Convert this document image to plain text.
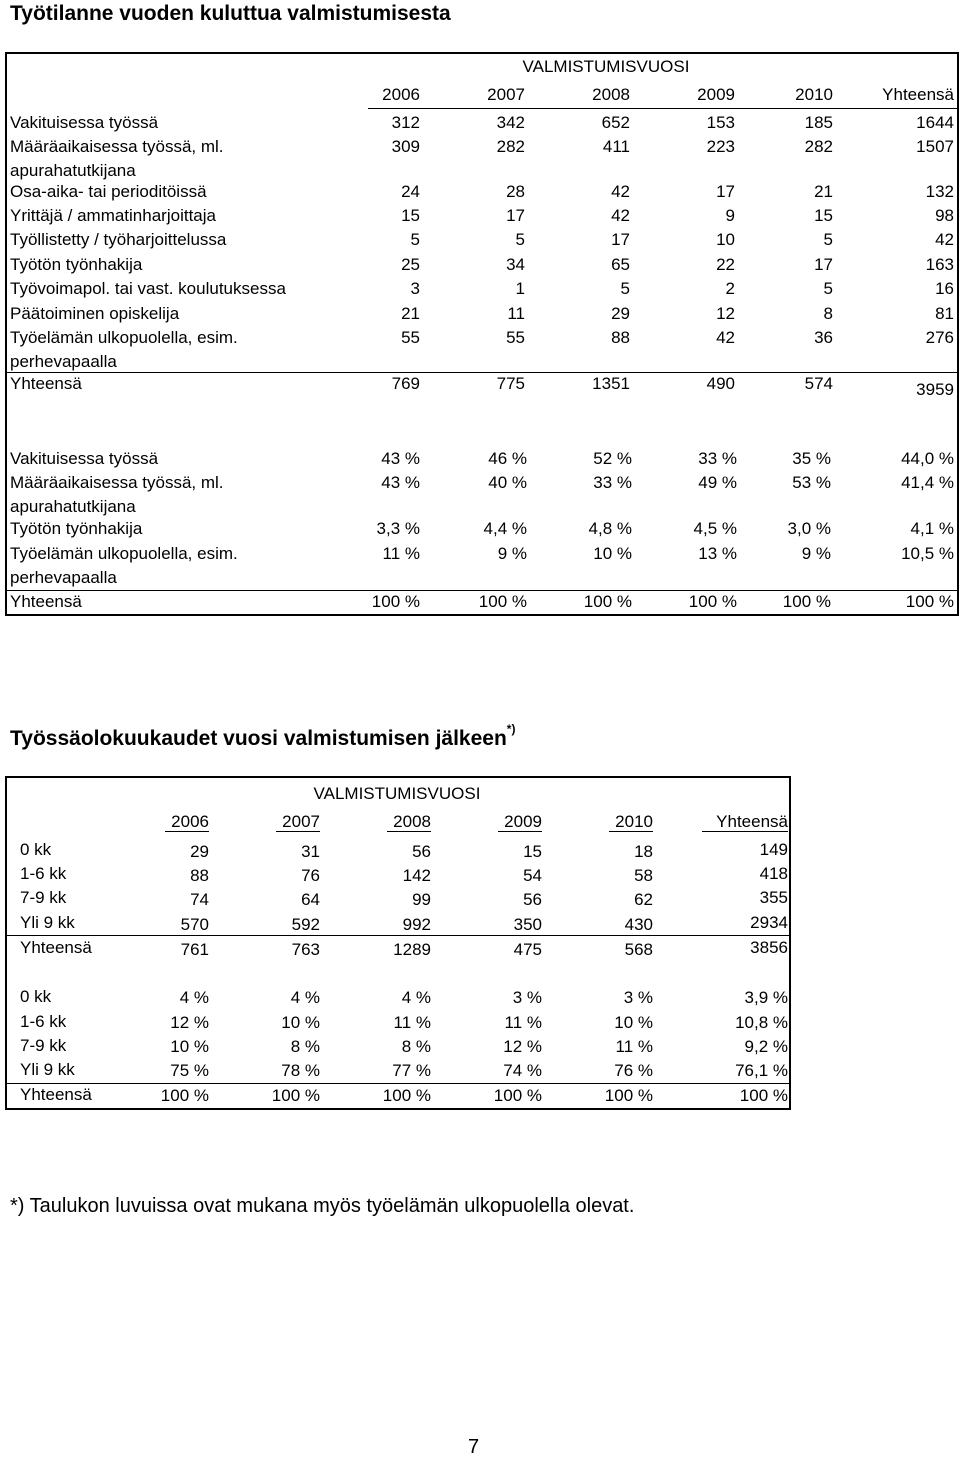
Työtilanne vuoden kuluttua valmistumisesta
VALMISTUMISVUOSI
2006	2007	2008	2009	2010	Yhteensä
Vakituisessa työssä	312	342	652	153	185	1644
Määräaikaisessa työssä, ml.
apurahatutkijana
309	282	411	223	282	1507
Osa-aika- tai perioditöissä	24	28	42	17	21	132
Yrittäjä / ammatinharjoittaja	15	17	42	9	15	98
Työllistetty / työharjoittelussa	5	5	17	10	5	42
Työtön työnhakija	25	34	65	22	17	163
Työvoimapol. tai vast. koulutuksessa	3	1	5	2	5	16
Päätoiminen opiskelija	21	11	29	12	8	81
Työelämän ulkopuolella, esim.
perhevapaalla
55	55	88	42	36	276
Yhteensä	769	775	1351	490	574	3959
Vakituisessa työssä	43 %	46 %	52 %	33 %	35 %	44,0 %
Määräaikaisessa työssä, ml.
apurahatutkijana
43 %	40 %	33 %	49 %	53 %	41,4 %
Työtön työnhakija	3,3 %	4,4 %	4,8 %	4,5 %	3,0 %	4,1 %
Työelämän ulkopuolella, esim.
perhevapaalla
11 %	9 %	10 %	13 %	9 %	10,5 %
Yhteensä	100 %	100 %	100 %	100 %	100 %	100 %
Työssäolokuukaudet vuosi valmistumisen jälkeen*)
VALMISTUMISVUOSI
2006	2007	2008	2009	2010	Yhteensä
0 kk	29	31	56	15	18	149
1-6 kk	88	76	142	54	58	418
7-9 kk	74	64	99	56	62	355
Yli 9 kk	570	592	992	350	430	2934
Yhteensä	761	763	1289	475	568	3856
0 kk	4 %	4 %	4 %	3 %	3 %	3,9 %
1-6 kk	12 %	10 %	11 %	11 %	10 %	10,8 %
7-9 kk	10 %	8 %	8 %	12 %	11 %	9,2 %
Yli 9 kk	75 %	78 %	77 %	74 %	76 %	76,1 %
Yhteensä	100 %	100 %	100 %	100 %	100 %	100 %
*) Taulukon luvuissa ovat mukana myös työelämän ulkopuolella olevat.
7
